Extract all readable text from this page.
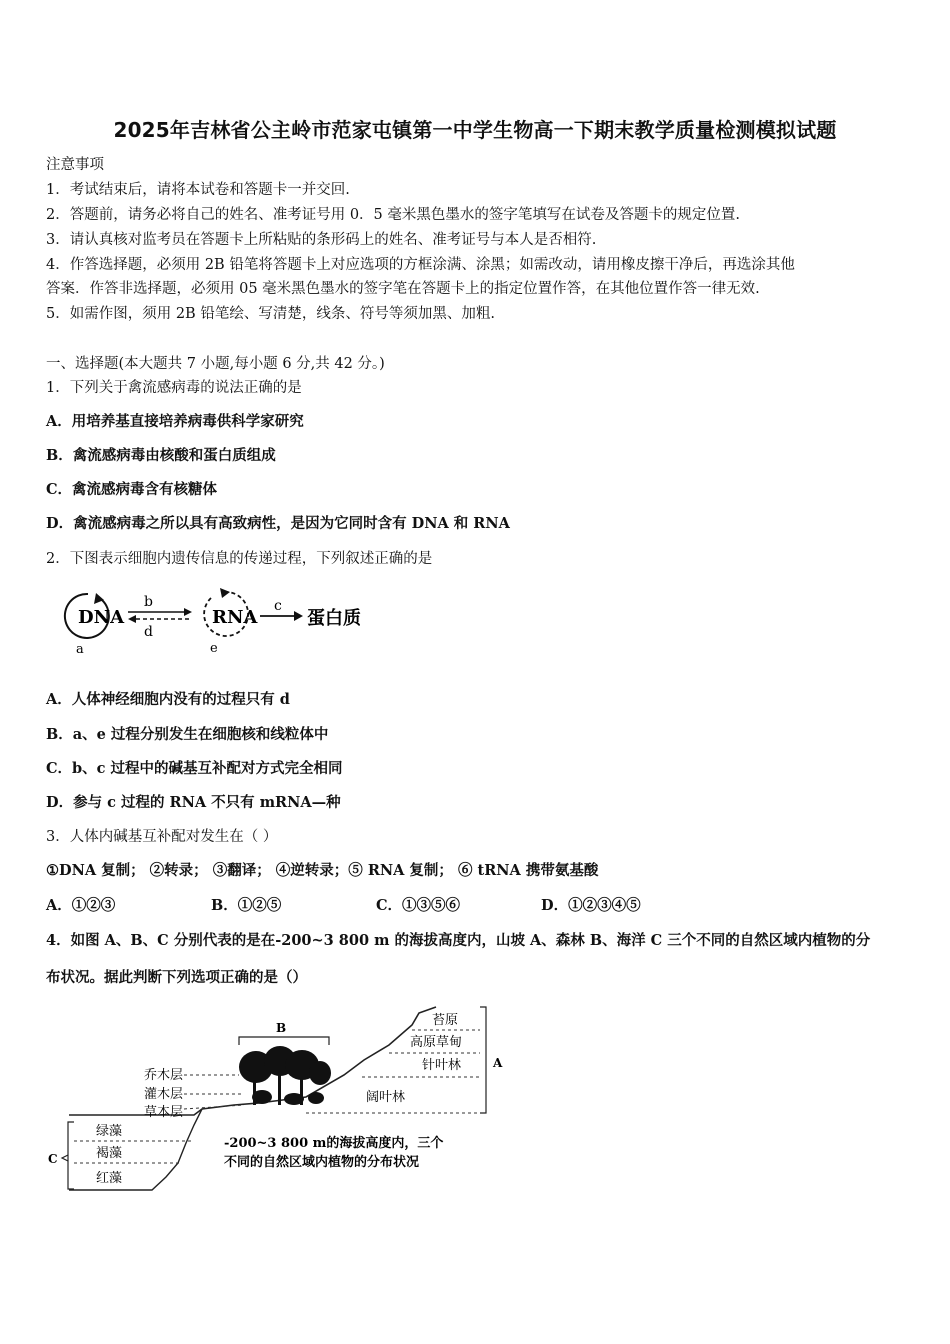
2025年吉林省公主岭市范家屯镇第一中学生物高一下期末教学质量检测模拟试题
注意事项
1．考试结束后，请将本试卷和答题卡一并交回.
2．答题前，请务必将自己的姓名、准考证号用 0．5 毫米黑色墨水的签字笔填写在试卷及答题卡的规定位置.
3．请认真核对监考员在答题卡上所粘贴的条形码上的姓名、准考证号与本人是否相符.
4．作答选择题，必须用 2B 铅笔将答题卡上对应选项的方框涂满、涂黑；如需改动，请用橡皮擦干净后，再选涂其他
答案．作答非选择题，必须用 05 毫米黑色墨水的签字笔在答题卡上的指定位置作答，在其他位置作答一律无效.
5．如需作图，须用 2B 铅笔绘、写清楚，线条、符号等须加黑、加粗.
一、选择题(本大题共 7 小题,每小题 6 分,共 42 分。)
1．下列关于禽流感病毒的说法正确的是
A．用培养基直接培养病毒供科学家研究
B．禽流感病毒由核酸和蛋白质组成
C．禽流感病毒含有核糖体
D．禽流感病毒之所以具有高致病性，是因为它同时含有 DNA 和 RNA
2．下图表示细胞内遗传信息的传递过程，下列叙述正确的是
DNA
a
b
d
RNA
e
c
蛋白质
A．人体神经细胞内没有的过程只有 d
B．a、e 过程分别发生在细胞核和线粒体中
C．b、c 过程中的碱基互补配对方式完全相同
D．参与 c 过程的 RNA 不只有 mRNA—种
3．人体内碱基互补配对发生在（ ）
①DNA 复制； ②转录； ③翻译； ④逆转录；⑤ RNA 复制； ⑥ tRNA 携带氨基酸
A．①②③	B．①②⑤	C．①③⑤⑥	D．①②③④⑤
4．如图 A、B、C 分别代表的是在-200~3 800 m 的海拔高度内，山坡 A、森林 B、海洋 C 三个不同的自然区域内植物的分
布状况。据此判断下列选项正确的是（）
A
苔原
高原草甸
针叶林
阔叶林
B
乔木层
灌木层
草本层
C
绿藻
褐藻
红藻
-200~3 800 m的海拔高度内，三个
不同的自然区域内植物的分布状况
